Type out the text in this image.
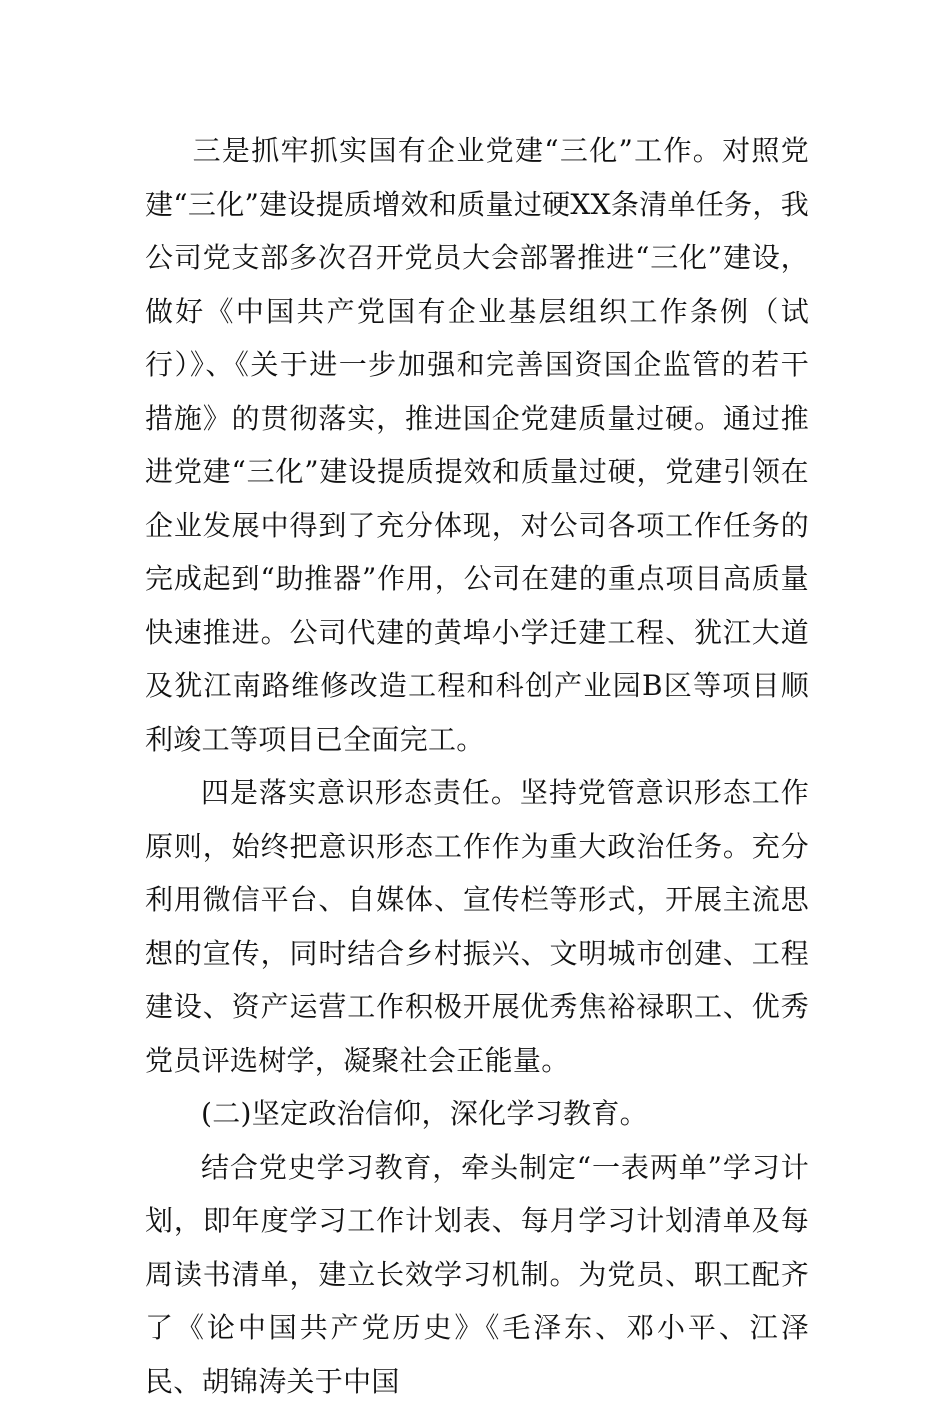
三是抓牢抓实国有企业党建“三化”工作。对照党建“三化”建设提质增效和质量过硬XX条清单任务，我公司党支部多次召开党员大会部署推进“三化”建设，做好《中国共产党国有企业基层组织工作条例（试行）》、《关于进一步加强和完善国资国企监管的若干措施》的贯彻落实，推进国企党建质量过硬。通过推进党建“三化”建设提质提效和质量过硬，党建引领在企业发展中得到了充分体现，对公司各项工作任务的完成起到“助推器”作用，公司在建的重点项目高质量快速推进。公司代建的黄埠小学迁建工程、犹江大道及犹江南路维修改造工程和科创产业园B区等项目顺利竣工等项目已全面完工。

四是落实意识形态责任。坚持党管意识形态工作原则，始终把意识形态工作作为重大政治任务。充分利用微信平台、自媒体、宣传栏等形式，开展主流思想的宣传，同时结合乡村振兴、文明城市创建、工程建设、资产运营工作积极开展优秀焦裕禄职工、优秀党员评选树学，凝聚社会正能量。

(二)坚定政治信仰，深化学习教育。

结合党史学习教育，牵头制定“一表两单”学习计划，即年度学习工作计划表、每月学习计划清单及每周读书清单，建立长效学习机制。为党员、职工配齐了《论中国共产党历史》《毛泽东、邓小平、江泽民、胡锦涛关于中国
